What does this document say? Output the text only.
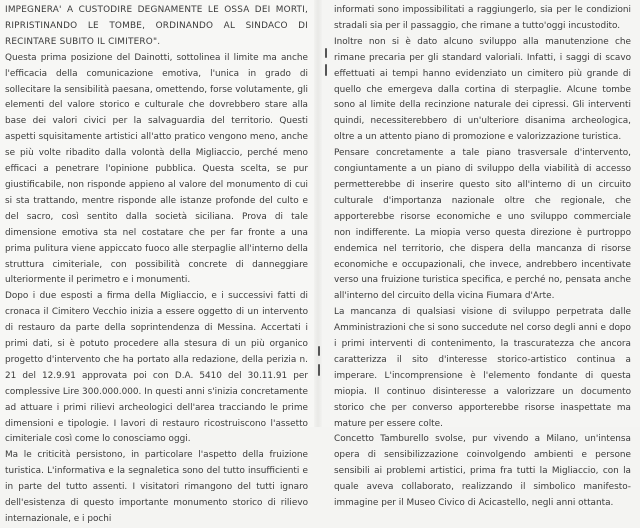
IMPEGNERA' A CUSTODIRE DEGNAMENTE LE OSSA DEI MORTI, RIPRISTINANDO LE TOMBE, ORDINANDO AL SINDACO DI RECINTARE SUBITO IL CIMITERO".

Questa prima posizione del Dainotti, sottolinea il limite ma anche l'efficacia della comunicazione emotiva, l'unica in grado di sollecitare la sensibilità paesana, omettendo, forse volutamente, gli elementi del valore storico e culturale che dovrebbero stare alla base dei valori civici per la salvaguardia del territorio. Questi aspetti squisitamente artistici all'atto pratico vengono meno, anche se più volte ribadito dalla volontà della Migliaccio, perché meno efficaci a penetrare l'opinione pubblica. Questa scelta, se pur giustificabile, non risponde appieno al valore del monumento di cui si sta trattando, mentre risponde alle istanze profonde del culto e del sacro, così sentito dalla società siciliana. Prova di tale dimensione emotiva sta nel costatare che per far fronte a una prima pulitura viene appiccato fuoco alle sterpaglie all'interno della struttura cimiteriale, con possibilità concrete di danneggiare ulteriormente il perimetro e i monumenti.

Dopo i due esposti a firma della Migliaccio, e i successivi fatti di cronaca il Cimitero Vecchio inizia a essere oggetto di un intervento di restauro da parte della soprintendenza di Messina. Accertati i primi dati, si è potuto procedere alla stesura di un più organico progetto d'intervento che ha portato alla redazione, della perizia n. 21 del 12.9.91 approvata poi con D.A. 5410 del 30.11.91 per complessive Lire 300.000.000. In questi anni s'inizia concretamente ad attuare i primi rilievi archeologici dell'area tracciando le prime dimensioni e tipologie. I lavori di restauro ricostruiscono l'assetto cimiteriale così come lo conosciamo oggi.

Ma le criticità persistono, in particolare l'aspetto della fruizione turistica. L'informativa e la segnaletica sono del tutto insufficienti e in parte del tutto assenti. I visitatori rimangono del tutti ignaro dell'esistenza di questo importante monumento storico di rilievo internazionale, e i pochi

informati sono impossibilitati a raggiungerlo, sia per le condizioni stradali sia per il passaggio, che rimane a tutto'oggi incustodito.

Inoltre non si è dato alcuno sviluppo alla manutenzione che rimane precaria per gli standard valoriali. Infatti, i saggi di scavo effettuati ai tempi hanno evidenziato un cimitero più grande di quello che emergeva dalla cortina di sterpaglie. Alcune tombe sono al limite della recinzione naturale dei cipressi. Gli interventi quindi, necessiterebbero di un'ulteriore disanima archeologica, oltre a un attento piano di promozione e valorizzazione turistica.

Pensare concretamente a tale piano trasversale d'intervento, congiuntamente a un piano di sviluppo della viabilità di accesso permetterebbe di inserire questo sito all'interno di un circuito culturale d'importanza nazionale oltre che regionale, che apporterebbe risorse economiche e uno sviluppo commerciale non indifferente. La miopia verso questa direzione è purtroppo endemica nel territorio, che dispera della mancanza di risorse economiche e occupazionali, che invece, andrebbero incentivate verso una fruizione turistica specifica, e perché no, pensata anche all'interno del circuito della vicina Fiumara d'Arte.

La mancanza di qualsiasi visione di sviluppo perpetrata dalle Amministrazioni che si sono succedute nel corso degli anni e dopo i primi interventi di contenimento, la trascuratezza che ancora caratterizza il sito d'interesse storico-artistico continua a imperare. L'incomprensione è l'elemento fondante di questa miopia. Il continuo disinteresse a valorizzare un documento storico che per converso apporterebbe risorse inaspettate ma mature per essere colte.

Concetto Tamburello svolse, pur vivendo a Milano, un'intensa opera di sensibilizzazione coinvolgendo ambienti e persone sensibili ai problemi artistici, prima fra tutti la Migliaccio, con la quale aveva collaborato, realizzando il simbolico manifesto-immagine per il Museo Civico di Acicastello, negli anni ottanta.
